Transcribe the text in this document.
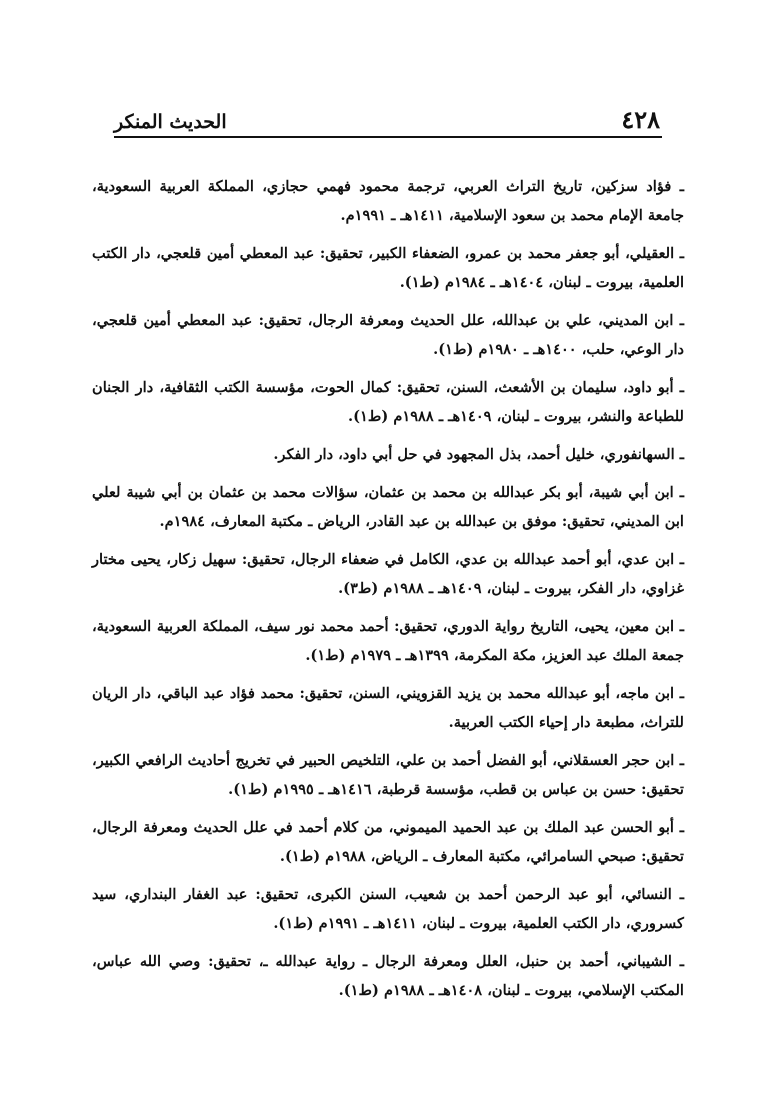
٤٢٨
الحديث المنكر
ـ فؤاد سزكين، تاريخ التراث العربي، ترجمة محمود فهمي حجازي، المملكة العربية السعودية، جامعة الإمام محمد بن سعود الإسلامية، ١٤١١هـ ـ ١٩٩١م.
ـ العقيلي، أبو جعفر محمد بن عمرو، الضعفاء الكبير، تحقيق: عبد المعطي أمين قلعجي، دار الكتب العلمية، بيروت ـ لبنان، ١٤٠٤هـ ـ ١٩٨٤م (ط١).
ـ ابن المديني، علي بن عبدالله، علل الحديث ومعرفة الرجال، تحقيق: عبد المعطي أمين قلعجي، دار الوعي، حلب، ١٤٠٠هـ ـ ١٩٨٠م (ط١).
ـ أبو داود، سليمان بن الأشعث، السنن، تحقيق: كمال الحوت، مؤسسة الكتب الثقافية، دار الجنان للطباعة والنشر، بيروت ـ لبنان، ١٤٠٩هـ ـ ١٩٨٨م (ط١).
ـ السهانفوري، خليل أحمد، بذل المجهود في حل أبي داود، دار الفكر.
ـ ابن أبي شيبة، أبو بكر عبدالله بن محمد بن عثمان، سؤالات محمد بن عثمان بن أبي شيبة لعلي ابن المديني، تحقيق: موفق بن عبدالله بن عبد القادر، الرياض ـ مكتبة المعارف، ١٩٨٤م.
ـ ابن عدي، أبو أحمد عبدالله بن عدي، الكامل في ضعفاء الرجال، تحقيق: سهيل زكار، يحيى مختار غزاوي، دار الفكر، بيروت ـ لبنان، ١٤٠٩هـ ـ ١٩٨٨م (ط٣).
ـ ابن معين، يحيى، التاريخ رواية الدوري، تحقيق: أحمد محمد نور سيف، المملكة العربية السعودية، جمعة الملك عبد العزيز، مكة المكرمة، ١٣٩٩هـ ـ ١٩٧٩م (ط١).
ـ ابن ماجه، أبو عبدالله محمد بن يزيد القزويني، السنن، تحقيق: محمد فؤاد عبد الباقي، دار الريان للتراث، مطبعة دار إحياء الكتب العربية.
ـ ابن حجر العسقلاني، أبو الفضل أحمد بن علي، التلخيص الحبير في تخريج أحاديث الرافعي الكبير، تحقيق: حسن بن عباس بن قطب، مؤسسة قرطبة، ١٤١٦هـ ـ ١٩٩٥م (ط١).
ـ أبو الحسن عبد الملك بن عبد الحميد الميموني، من كلام أحمد في علل الحديث ومعرفة الرجال، تحقيق: صبحي السامرائي، مكتبة المعارف ـ الرياض، ١٩٨٨م (ط١).
ـ النسائي، أبو عبد الرحمن أحمد بن شعيب، السنن الكبرى، تحقيق: عبد الغفار البنداري، سيد كسروري، دار الكتب العلمية، بيروت ـ لبنان، ١٤١١هـ ـ ١٩٩١م (ط١).
ـ الشيباني، أحمد بن حنبل، العلل ومعرفة الرجال ـ رواية عبدالله ـ، تحقيق: وصي الله عباس، المكتب الإسلامي، بيروت ـ لبنان، ١٤٠٨هـ ـ ١٩٨٨م (ط١).
